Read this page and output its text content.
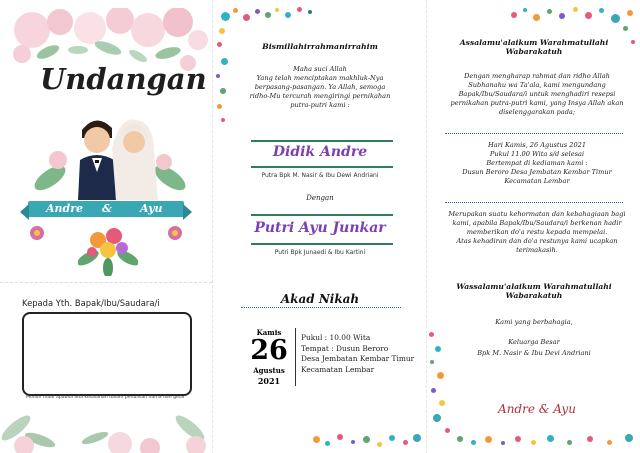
Undangan
Andre &	Ayu
Kepada Yth. Bapak/Ibu/Saudara/i
Mohon maaf apabila ada kesalahan dalam penulisan nama dan gelar
Bismillahirrahmanirrahim
Maha suci Allah
Yang telah menciptakan makhluk-Nya
berpasang-pasangan. Ya Allah, semoga
ridho-Mu tercurah mengiringi pernikahan
putra-putri kami :
Didik Andre
Putra Bpk M. Nasir & Ibu Dewi Andriani
Dengan
Putri Ayu Junkar
Putri Bpk Junaedi & Ibu Kartini
Akad Nikah
Kamis
26
Agustus
2021
Pukul : 10.00 Wita
Tempat : Dusun Beroro
Desa Jembatan Kembar Timur
Kecamatan Lembar
Assalamu'alaikum Warahmatullahi
Wabarakatuh
Dengan mengharap rahmat dan ridho Allah
Subhanahu wa Ta'ala, kami mengundang
Bapak/Ibu/Saudara/i untuk menghadiri resepsi
pernikahan putra-putri kami, yang Insya Allah akan
diselenggarakan pada;
Hari Kamis, 26 Agustus 2021
Pukul 11.00 Wita s/d selesai
Bertempat di kediaman kami :
Dusun Beroro Desa Jembatan Kembar Timur
Kecamatan Lembar
Merupakan suatu kehormatan dan kebahagiaan bagi
kami, apabila Bapak/Ibu/Saudara/i berkenan hadir
memberikan do'a restu kepada mempelai.
Atas kehadiran dan do'a restunya kami ucapkan
terimakasih.
Wassalamu'alaikum Warahmatullahi
Wabarakatuh
Kami yang berbahagia,
Keluarga Besar
Bpk M. Nasir & Ibu Devi Andriani
Andre & Ayu
